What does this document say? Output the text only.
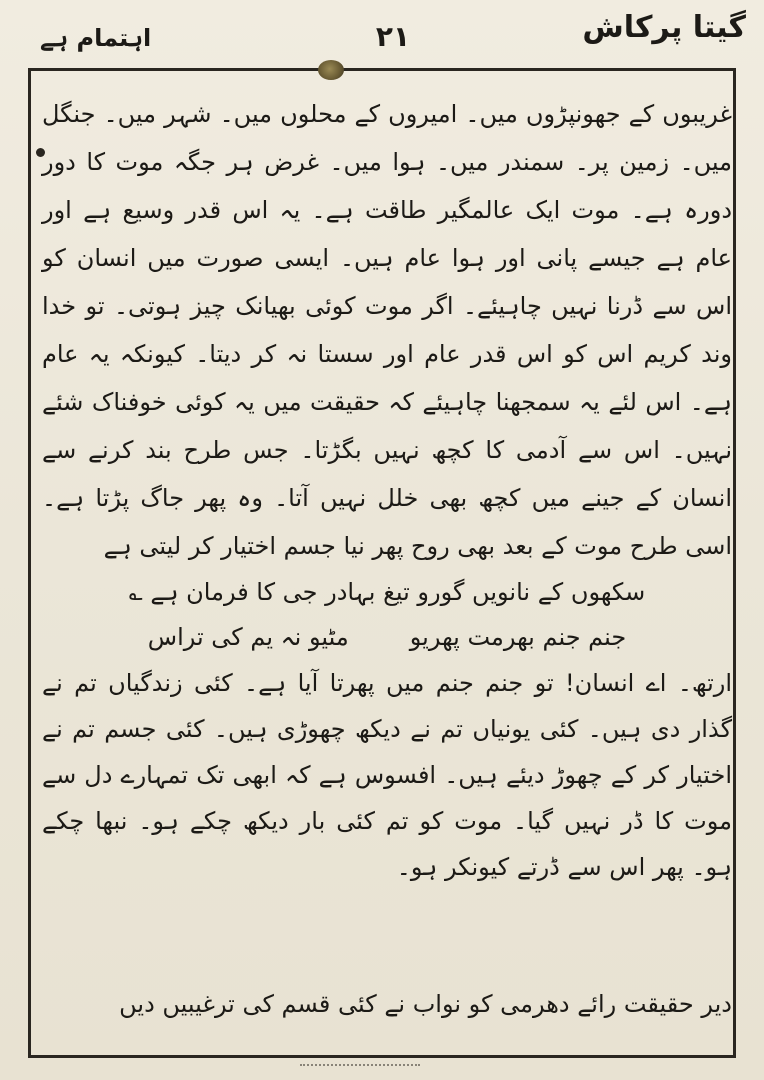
گیتا پرکاش
۲۱
اہتمام ہے

غریبوں کے جھونپڑوں میں۔ امیروں کے محلوں میں۔ شہر میں۔ جنگل میں۔ زمین پر۔ سمندر میں۔ ہوا میں۔ غرض ہر جگہ موت کا دور دورہ ہے۔ موت ایک عالمگیر طاقت ہے۔ یہ اس قدر وسیع ہے اور عام ہے جیسے پانی اور ہوا عام ہیں۔ ایسی صورت میں انسان کو اس سے ڈرنا نہیں چاہیئے۔ اگر موت کوئی بھیانک چیز ہوتی۔ تو خدا وند کریم اس کو اس قدر عام اور سستا نہ کر دیتا۔ کیونکہ یہ عام ہے۔ اس لئے یہ سمجھنا چاہیئے کہ حقیقت میں یہ کوئی خوفناک شئے نہیں۔ اس سے آدمی کا کچھ نہیں بگڑتا۔ جس طرح بند کرنے سے انسان کے جینے میں کچھ بھی خلل نہیں آتا۔ وہ پھر جاگ پڑتا ہے۔ اسی طرح موت کے بعد بھی روح پھر نیا جسم اختیار کر لیتی ہے

سکھوں کے نانویں گورو تیغ بہادر جی کا فرمان ہے ؎

جنم جنم بھرمت پھریو        مٹیو نہ یم کی تراس

ارتھ۔ اے انسان! تو جنم جنم میں پھرتا آیا ہے۔ کئی زندگیاں تم نے گذار دی ہیں۔ کئی یونیاں تم نے دیکھ چھوڑی ہیں۔ کئی جسم تم نے اختیار کر کے چھوڑ دیئے ہیں۔ افسوس ہے کہ ابھی تک تمہارے دل سے موت کا ڈر نہیں گیا۔ موت کو تم کئی بار دیکھ چکے ہو۔ نبھا چکے ہو۔ پھر اس سے ڈرتے کیونکر ہو۔

دیر حقیقت رائے دھرمی کو نواب نے کئی قسم کی ترغیبیں دیں
